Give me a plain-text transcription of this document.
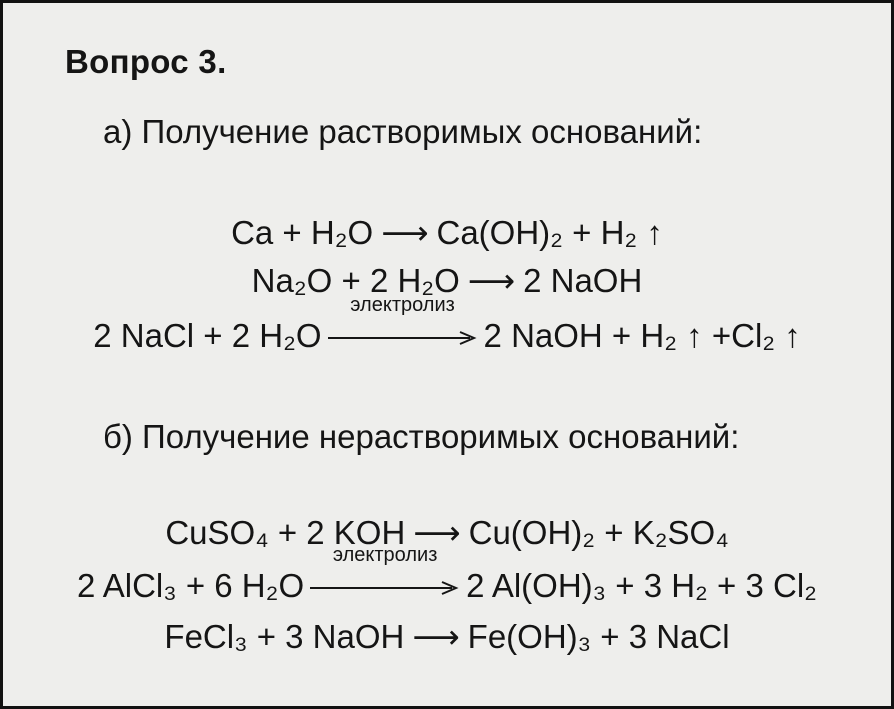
Вопрос 3.
а) Получение растворимых оснований:
Ca + H₂O ⟶ Ca(OH)₂ + H₂ ↑
Na₂O + 2 H₂O ⟶ 2 NaOH
2 NaCl + 2 H₂O
электролиз
2 NaOH + H₂ ↑ +Cl₂ ↑
б) Получение нерастворимых оснований:
CuSO₄ + 2 KOH ⟶ Cu(OH)₂ + K₂SO₄
2 AlCl₃ + 6 H₂O
электролиз
2 Al(OH)₃ + 3 H₂ + 3 Cl₂
FeCl₃ + 3 NaOH ⟶ Fe(OH)₃ + 3 NaCl
